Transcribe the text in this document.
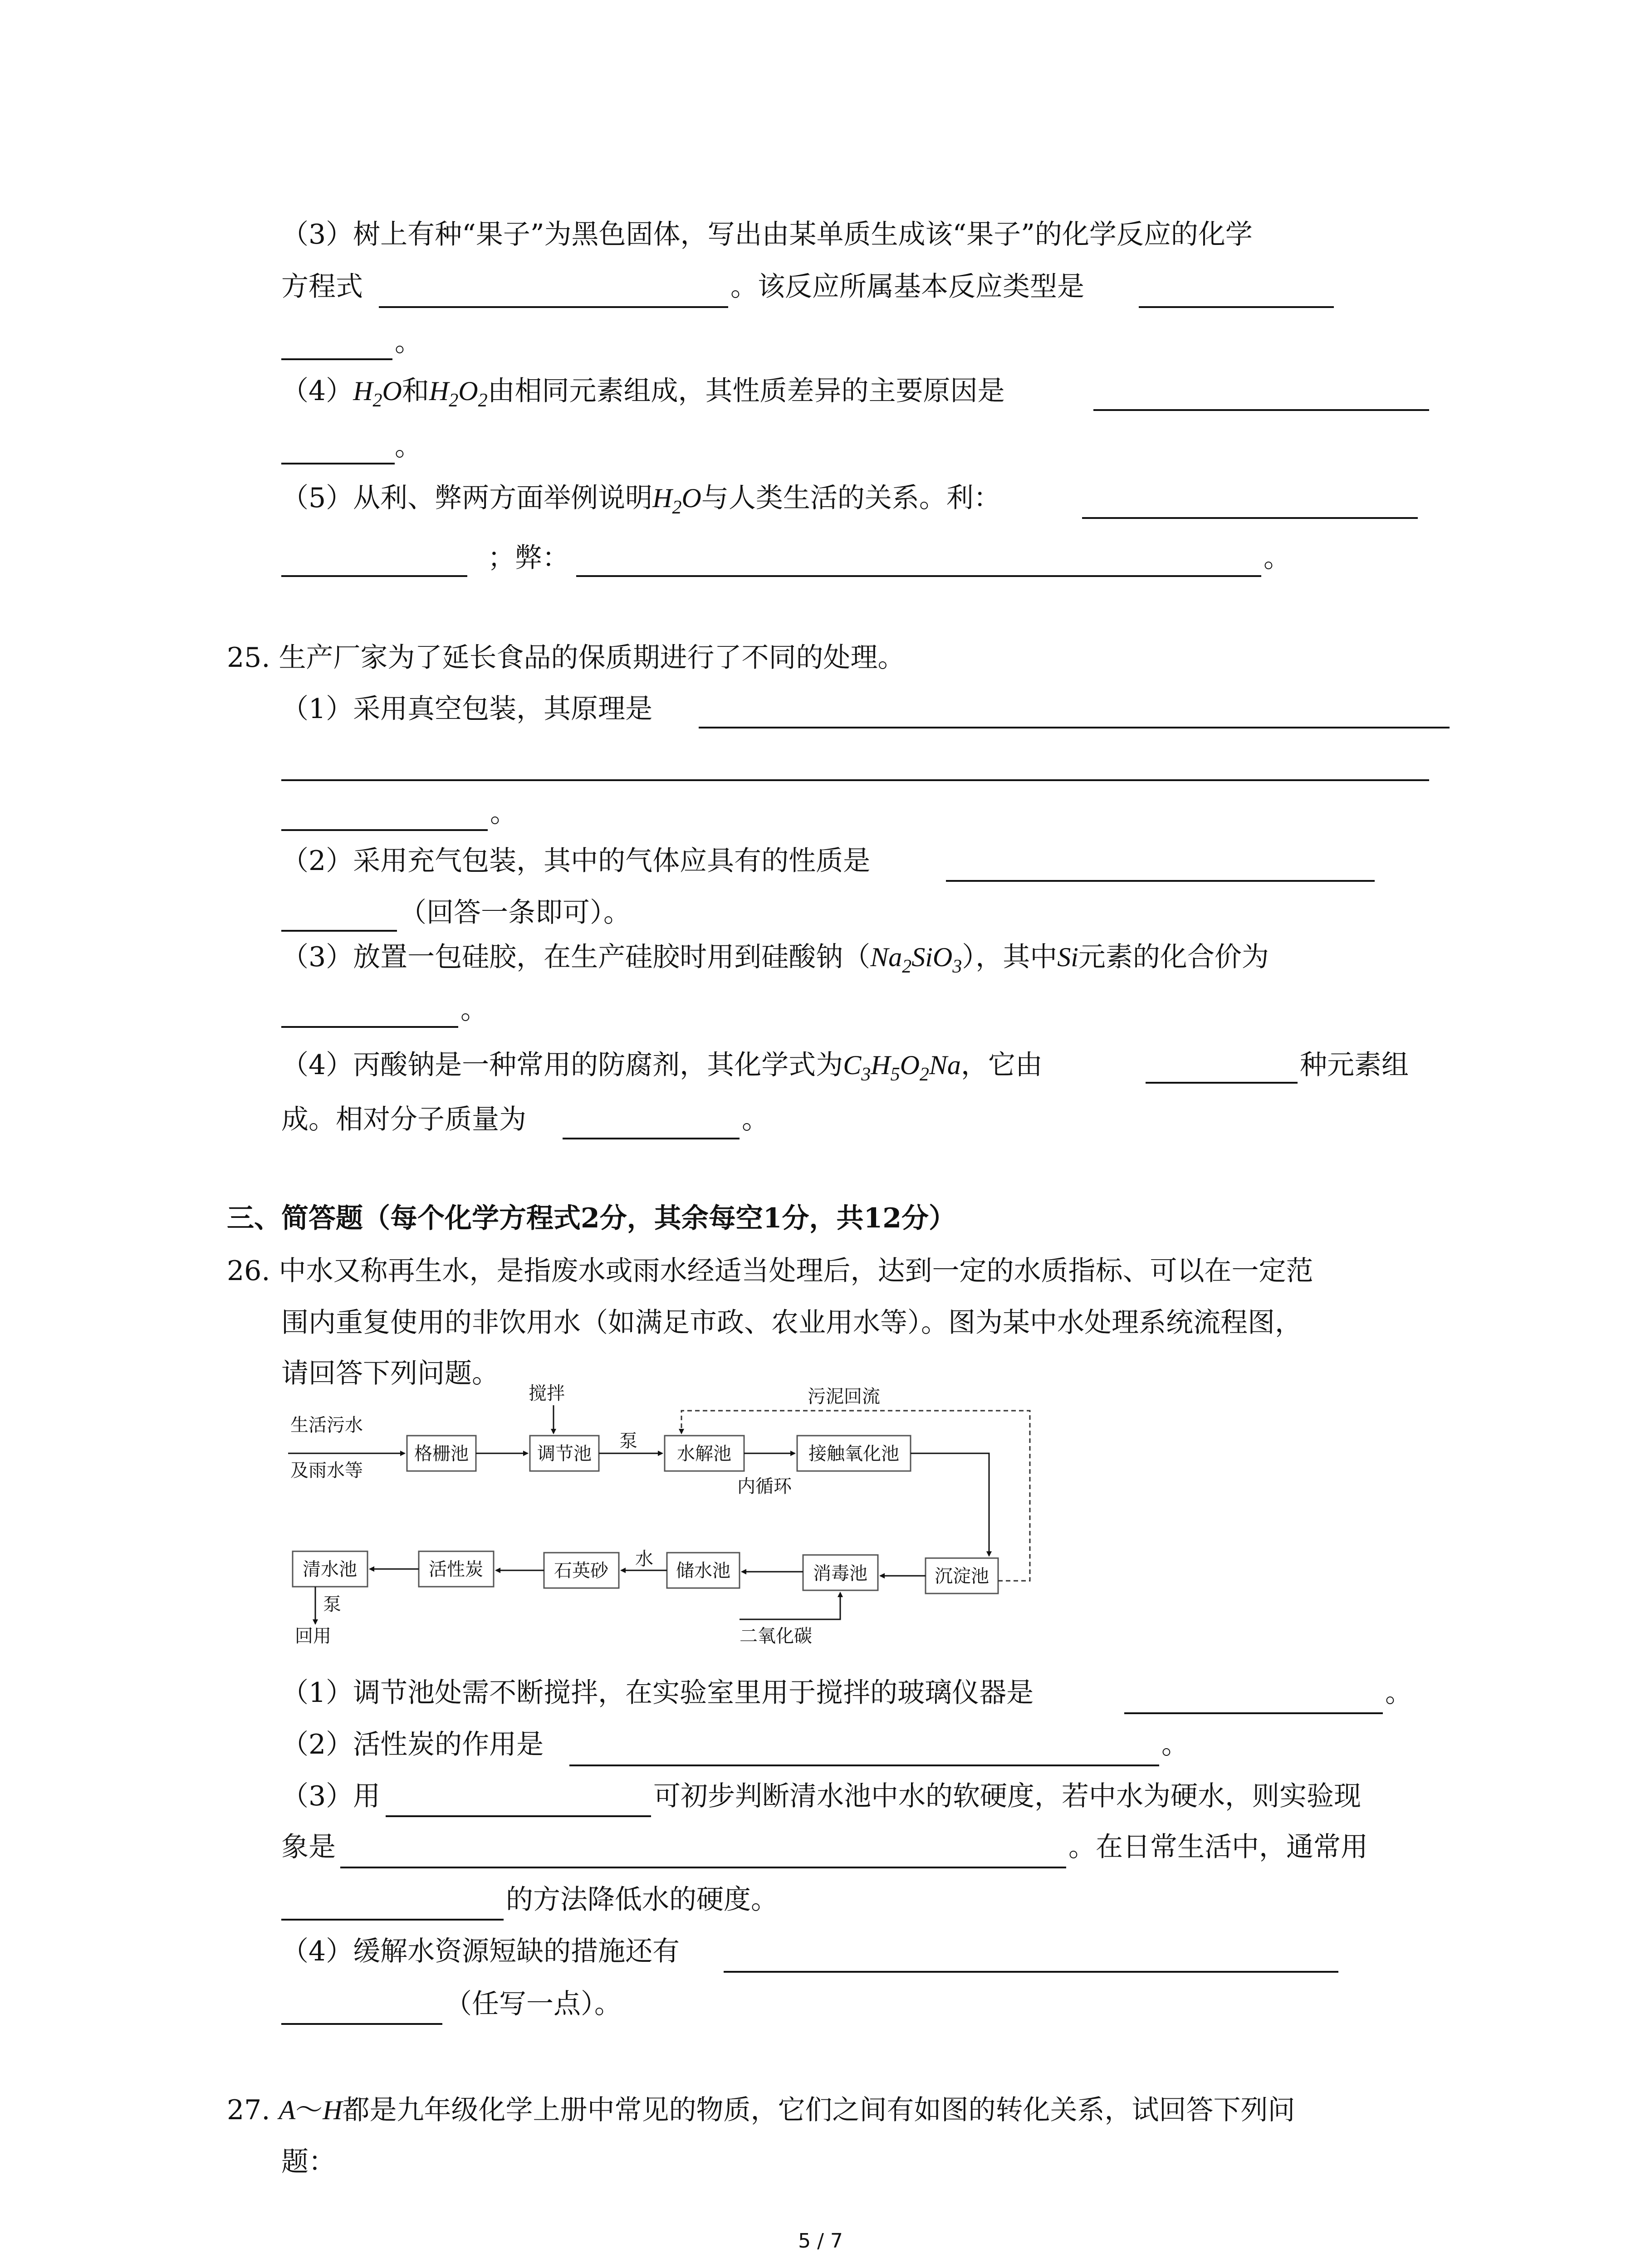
（3）树上有种“果子”为黑色固体，写出由某单质生成该“果子”的化学反应的化学
方程式	。该反应所属基本反应类型是
。
$(4)H_2O$和$H_2O_2$由相同元素组成，其性质差异的主要原因是
。
（5）从利、弊两方面举例说明$H_2O$与人类生活的关系。利：
；弊：	。
25. 生产厂家为了延长食品的保质期进行了不同的处理。
（1）采用真空包装，其原理是
。
（2）采用充气包装，其中的气体应具有的性质是
（回答一条即可）。
（3）放置一包硅胶，在生产硅胶时用到硅酸钠$(Na_2SiO_3)$，其中Si元素的化合价为
。
（4）丙酸钠是一种常用的防腐剂，其化学式为$C_3H_5O_2Na$，它由	种元素组
成。相对分子质量为	。
三、简答题（每个化学方程式2分，其余每空1分，共12分）
26. 中水又称再生水，是指废水或雨水经适当处理后，达到一定的水质指标、可以在一定范
围内重复使用的非饮用水（如满足市政、农业用水等）。图为某中水处理系统流程图，
请回答下列问题。
格栅池	调节池	水解池	接触氧化池
沉淀池
消毒池
储水池
石英砂
活性炭
清水池
生活污水
及雨水等
搅拌
泵
内循环
污泥回流
水
二氧化碳
泵
回用
（1）调节池处需不断搅拌，在实验室里用于搅拌的玻璃仪器是	。
（2）活性炭的作用是	。
（3）用	可初步判断清水池中水的软硬度，若中水为硬水，则实验现
象是	。在日常生活中，通常用
的方法降低水的硬度。
（4）缓解水资源短缺的措施还有
（任写一点）。
27. A～H都是九年级化学上册中常见的物质，它们之间有如图的转化关系，试回答下列问
题：
5 / 7
